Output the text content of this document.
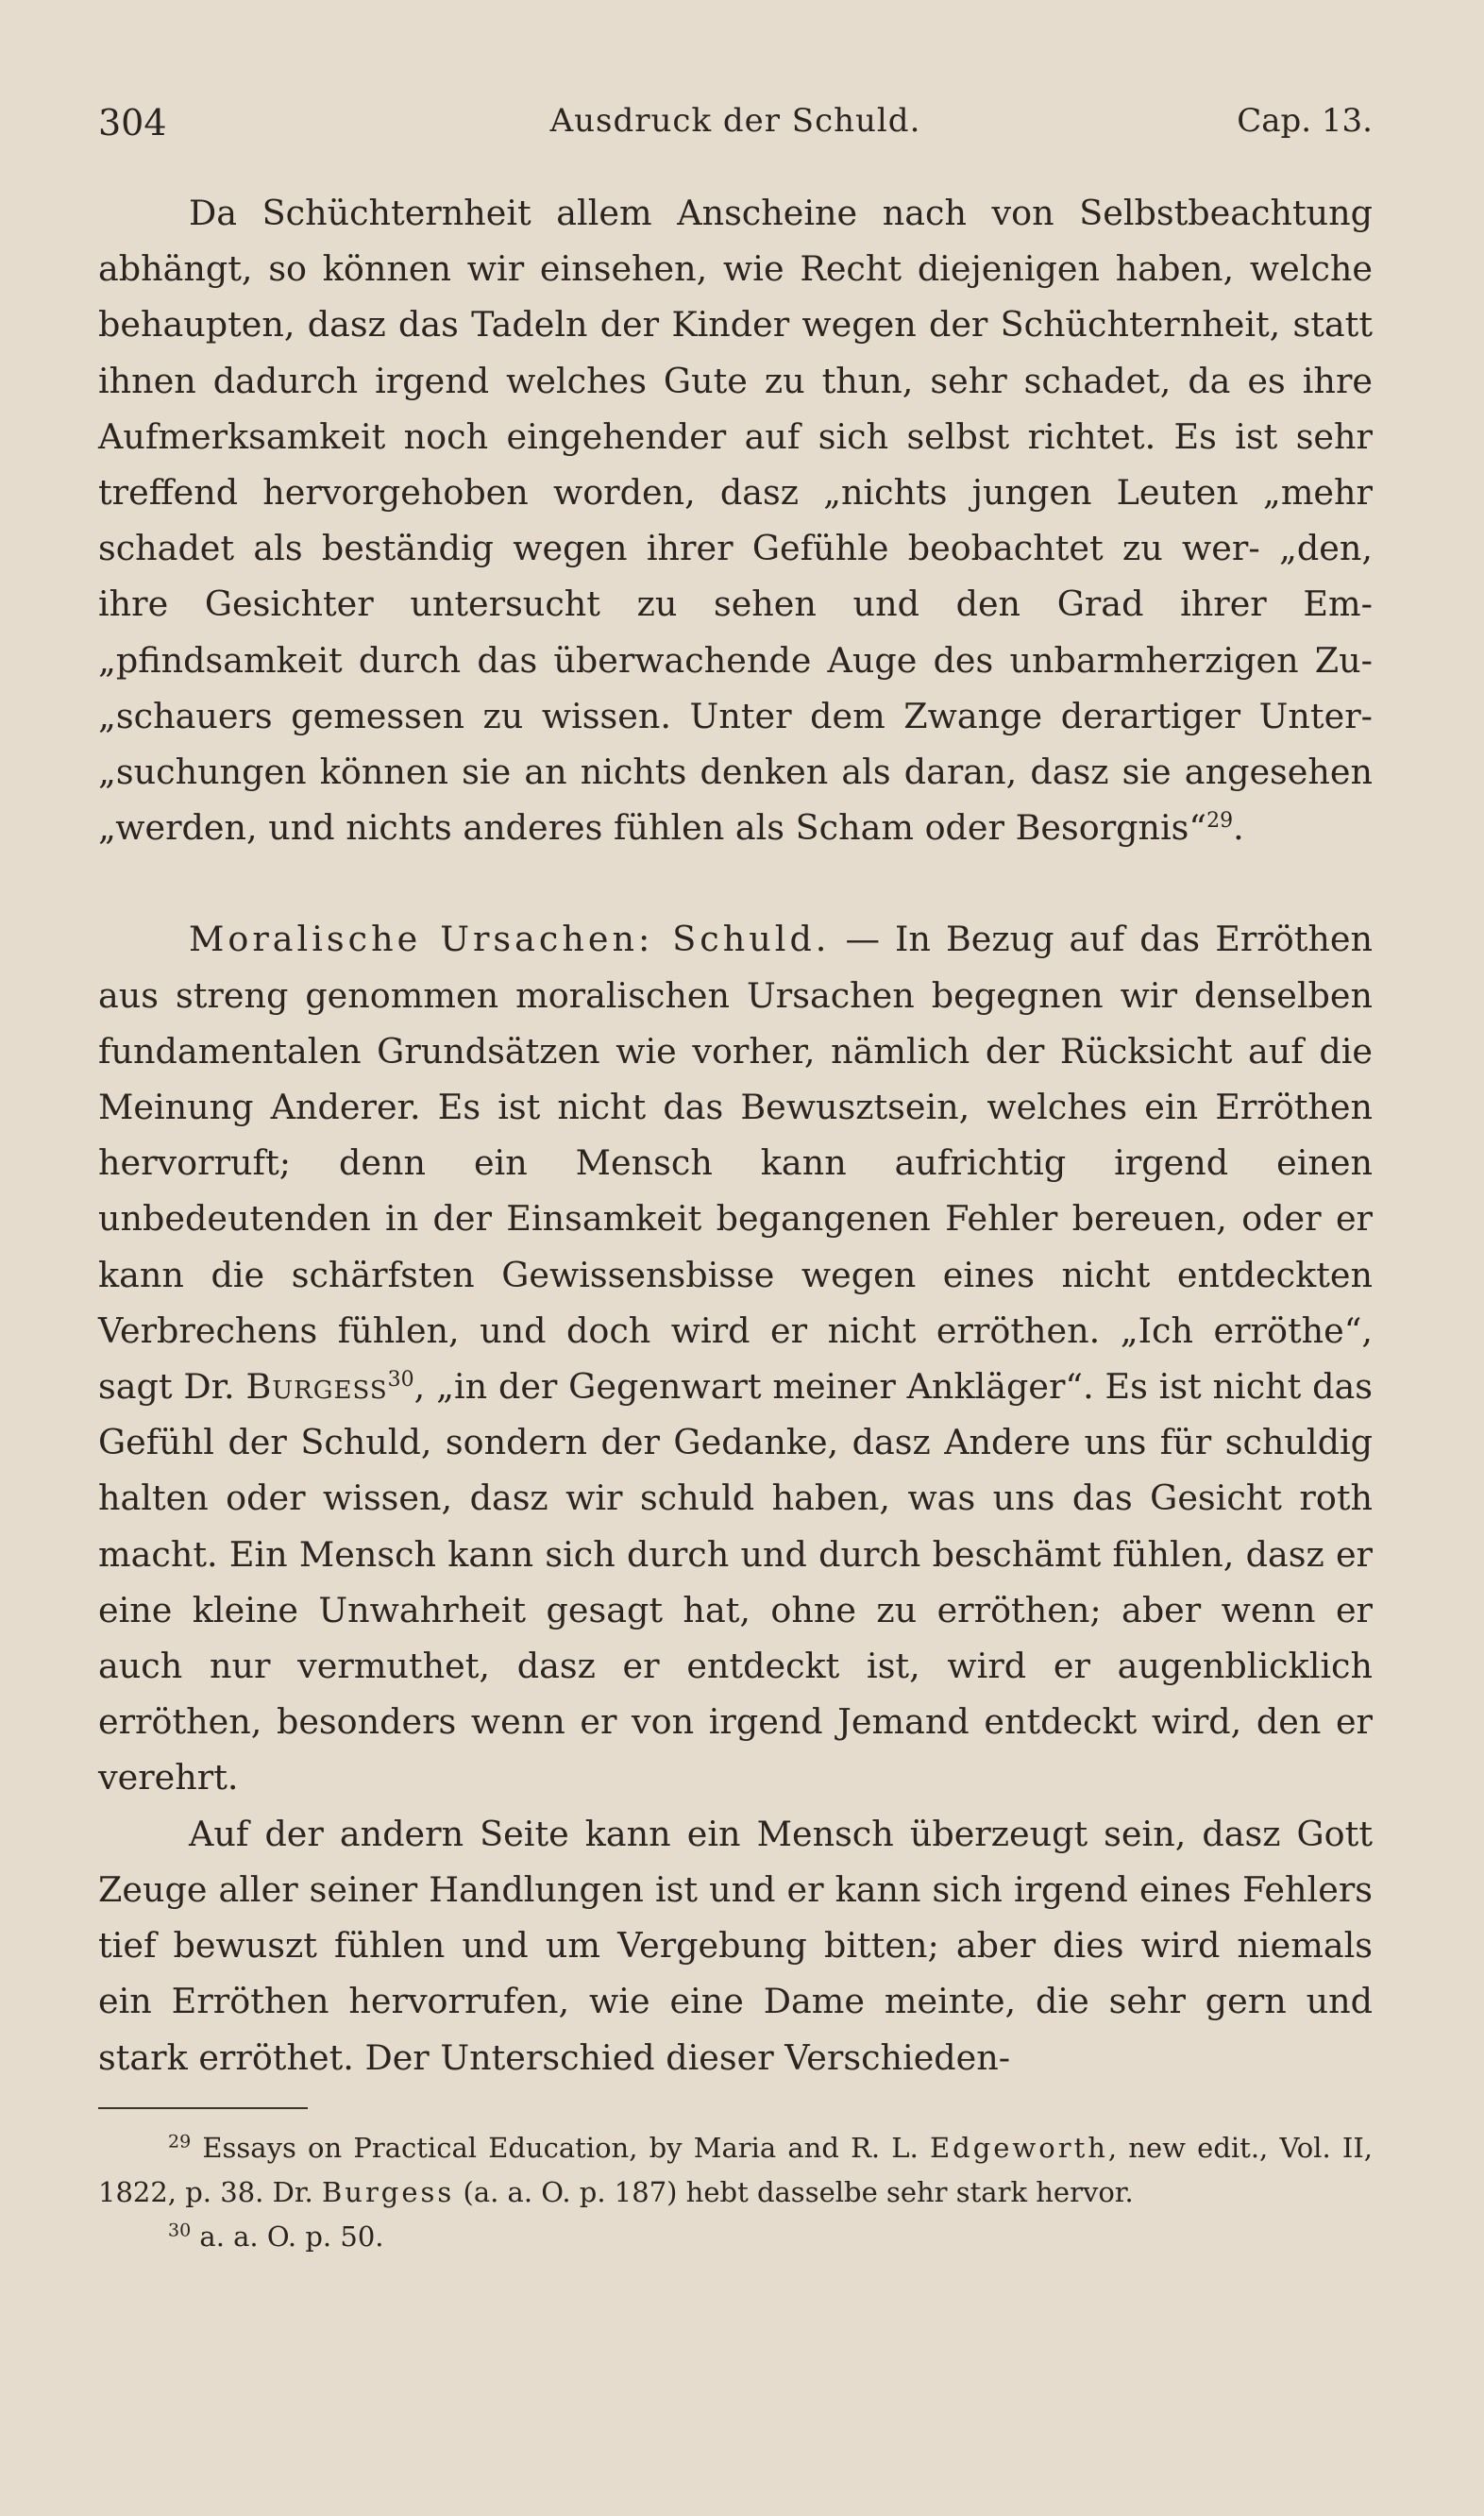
304	Ausdruck der Schuld.	Cap. 13.

Da Schüchternheit allem Anscheine nach von Selbstbeachtung abhängt, so können wir einsehen, wie Recht diejenigen haben, welche behaupten, dasz das Tadeln der Kinder wegen der Schüchternheit, statt ihnen dadurch irgend welches Gute zu thun, sehr schadet, da es ihre Aufmerksamkeit noch eingehender auf sich selbst richtet. Es ist sehr treffend hervorgehoben worden, dasz „nichts jungen Leuten „mehr schadet als beständig wegen ihrer Gefühle beobachtet zu wer- „den, ihre Gesichter untersucht zu sehen und den Grad ihrer Em- „pfindsamkeit durch das überwachende Auge des unbarmherzigen Zu- „schauers gemessen zu wissen. Unter dem Zwange derartiger Unter- „suchungen können sie an nichts denken als daran, dasz sie angesehen „werden, und nichts anderes fühlen als Scham oder Besorgnis“$^{29}$.

Moralische Ursachen: Schuld. — In Bezug auf das Erröthen aus streng genommen moralischen Ursachen begegnen wir denselben fundamentalen Grundsätzen wie vorher, nämlich der Rücksicht auf die Meinung Anderer. Es ist nicht das Bewusztsein, welches ein Erröthen hervorruft; denn ein Mensch kann aufrichtig irgend einen unbedeutenden in der Einsamkeit begangenen Fehler bereuen, oder er kann die schärfsten Gewissensbisse wegen eines nicht entdeckten Verbrechens fühlen, und doch wird er nicht erröthen. „Ich erröthe“, sagt Dr. Burgess$^{30}$, „in der Gegenwart meiner Ankläger“. Es ist nicht das Gefühl der Schuld, sondern der Gedanke, dasz Andere uns für schuldig halten oder wissen, dasz wir schuld haben, was uns das Gesicht roth macht. Ein Mensch kann sich durch und durch beschämt fühlen, dasz er eine kleine Unwahrheit gesagt hat, ohne zu erröthen; aber wenn er auch nur vermuthet, dasz er entdeckt ist, wird er augenblicklich erröthen, besonders wenn er von irgend Jemand entdeckt wird, den er verehrt.

Auf der andern Seite kann ein Mensch überzeugt sein, dasz Gott Zeuge aller seiner Handlungen ist und er kann sich irgend eines Fehlers tief bewuszt fühlen und um Vergebung bitten; aber dies wird niemals ein Erröthen hervorrufen, wie eine Dame meinte, die sehr gern und stark erröthet. Der Unterschied dieser Verschieden-

$^{29}$ Essays on Practical Education, by Maria and R. L. Edgeworth, new edit., Vol. II, 1822, p. 38. Dr. Burgess (a. a. O. p. 187) hebt dasselbe sehr stark hervor.

$^{30}$ a. a. O. p. 50.
